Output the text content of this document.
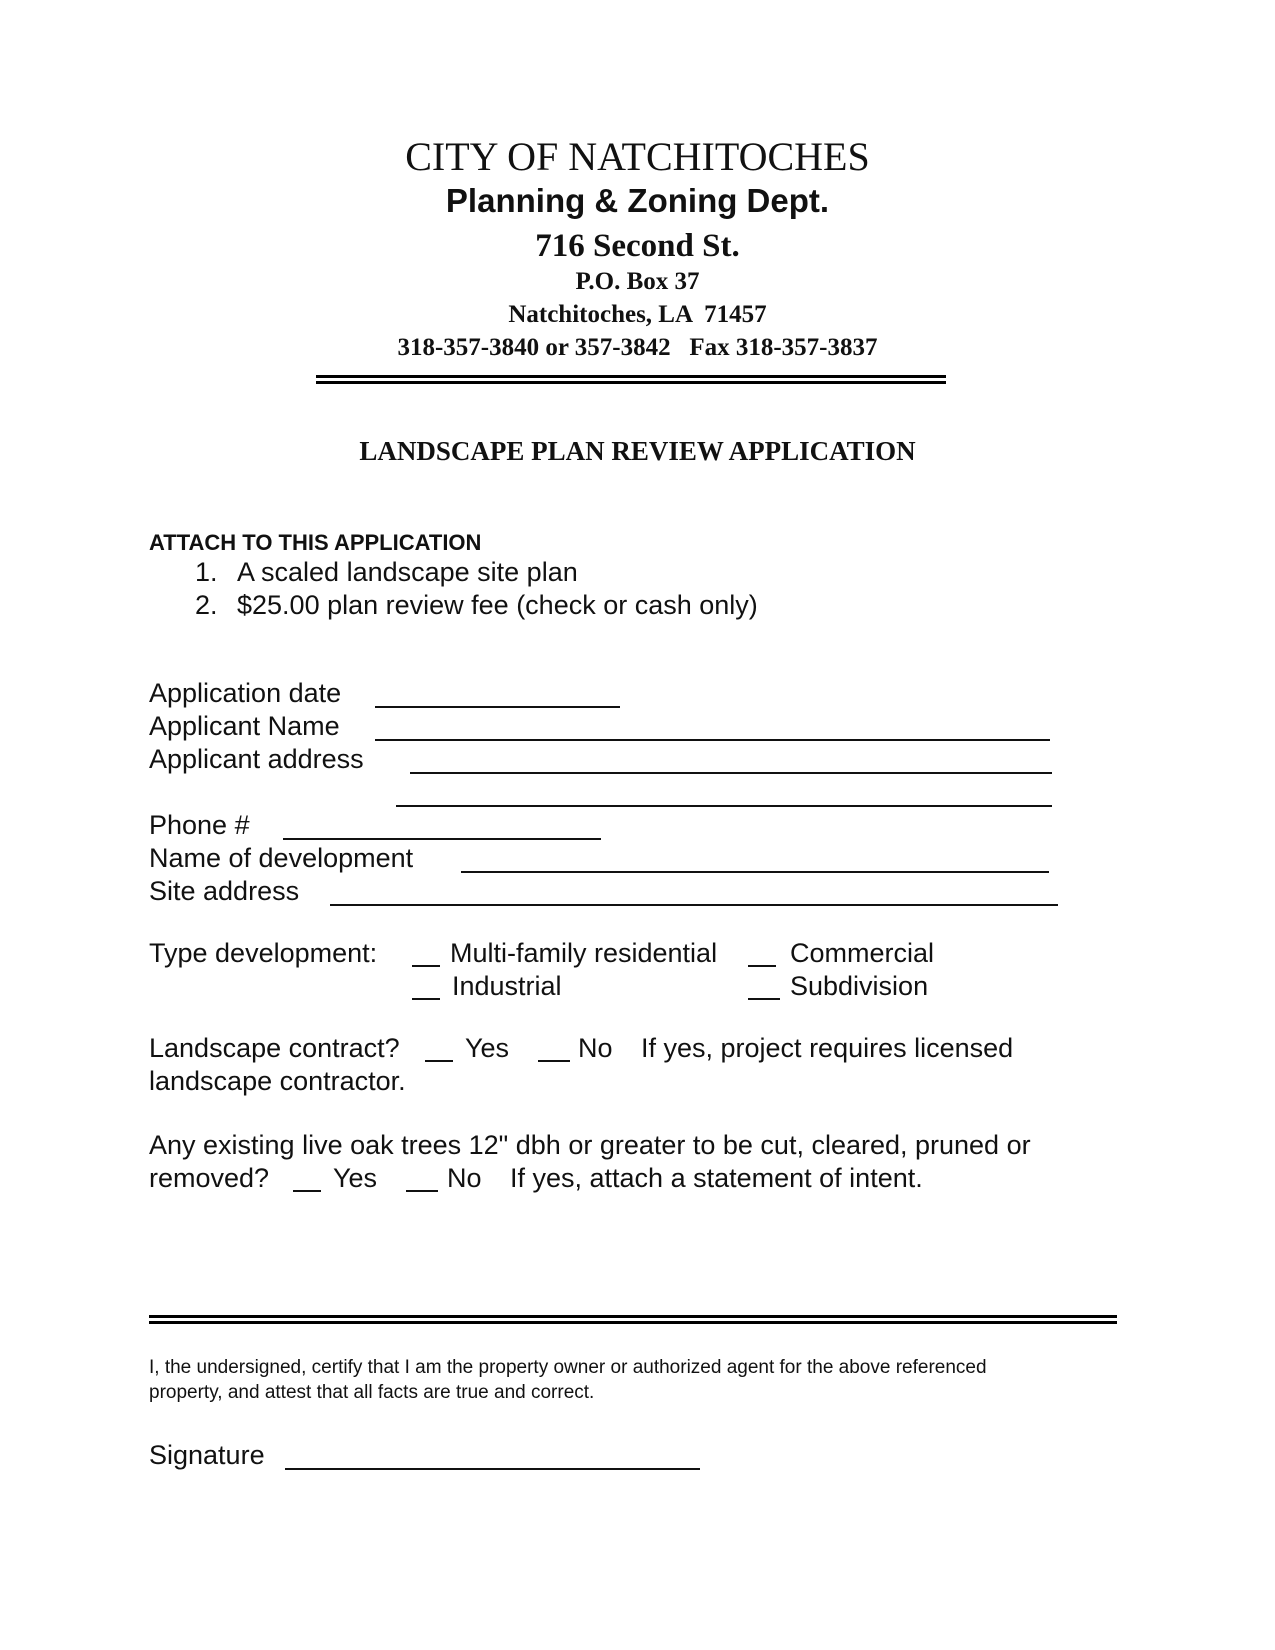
CITY OF NATCHITOCHES
Planning & Zoning Dept.
716 Second St.
P.O. Box 37
Natchitoches, LA  71457
318-357-3840 or 357-3842   Fax 318-357-3837
LANDSCAPE PLAN REVIEW APPLICATION
ATTACH TO THIS APPLICATION
1. A scaled landscape site plan
2. $25.00 plan review fee (check or cash only)
Application date
Applicant Name
Applicant address
Phone #
Name of development
Site address
Type development:	Multi-family residential	Commercial
Industrial	Subdivision
Landscape contract? Yes	No If yes, project requires licensed
landscape contractor.
Any existing live oak trees 12" dbh or greater to be cut, cleared, pruned or
removed? Yes	No If yes, attach a statement of intent.
I, the undersigned, certify that I am the property owner or authorized agent for the above referenced
property, and attest that all facts are true and correct.
Signature
